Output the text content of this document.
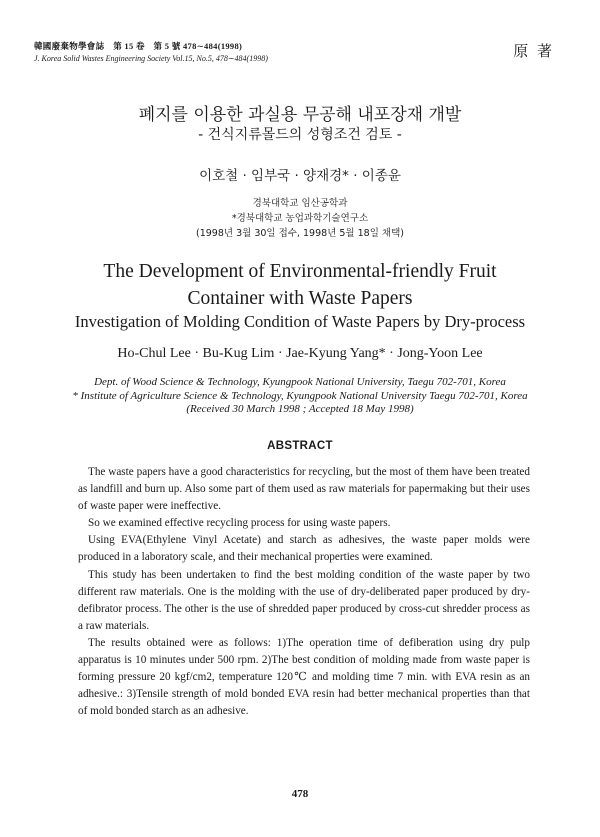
韓國廢棄物學會誌　第 15 卷　第 5 號 478∼484(1998)
J. Korea Solid Wastes Engineering Society Vol.15, No.5, 478∼484(1998)	原 著
폐지를 이용한 과실용 무공해 내포장재 개발
- 건식지류몰드의 성형조건 검토 -
이호철 · 임부국 · 양재경* · 이종윤
경북대학교 임산공학과
*경북대학교 농업과학기술연구소
(1998년 3월 30일 접수, 1998년 5월 18일 채택)
The Development of Environmental-friendly Fruit
Container with Waste Papers
Investigation of Molding Condition of Waste Papers by Dry-process
Ho-Chul Lee · Bu-Kug Lim · Jae-Kyung Yang* · Jong-Yoon Lee
Dept. of Wood Science & Technology, Kyungpook National University, Taegu 702-701, Korea
* Institute of Agriculture Science & Technology, Kyungpook National University Taegu 702-701, Korea
(Received 30 March 1998 ; Accepted 18 May 1998)
ABSTRACT

The waste papers have a good characteristics for recycling, but the most of them have been treated as landfill and burn up. Also some part of them used as raw materials for papermaking but their uses of waste paper were ineffective.

So we examined effective recycling process for using waste papers.

Using EVA(Ethylene Vinyl Acetate) and starch as adhesives, the waste paper molds were produced in a laboratory scale, and their mechanical properties were examined.

This study has been undertaken to find the best molding condition of the waste paper by two different raw materials. One is the molding with the use of dry-deliberated paper produced by dry-defibrator process. The other is the use of shredded paper produced by cross-cut shredder process as a raw materials.

The results obtained were as follows: 1)The operation time of defiberation using dry pulp apparatus is 10 minutes under 500 rpm. 2)The best condition of molding made from waste paper is forming pressure 20 kgf/cm2, temperature 120℃ and molding time 7 min. with EVA resin as an adhesive.: 3)Tensile strength of mold bonded EVA resin had better mechanical properties than that of mold bonded starch as an adhesive.

478
